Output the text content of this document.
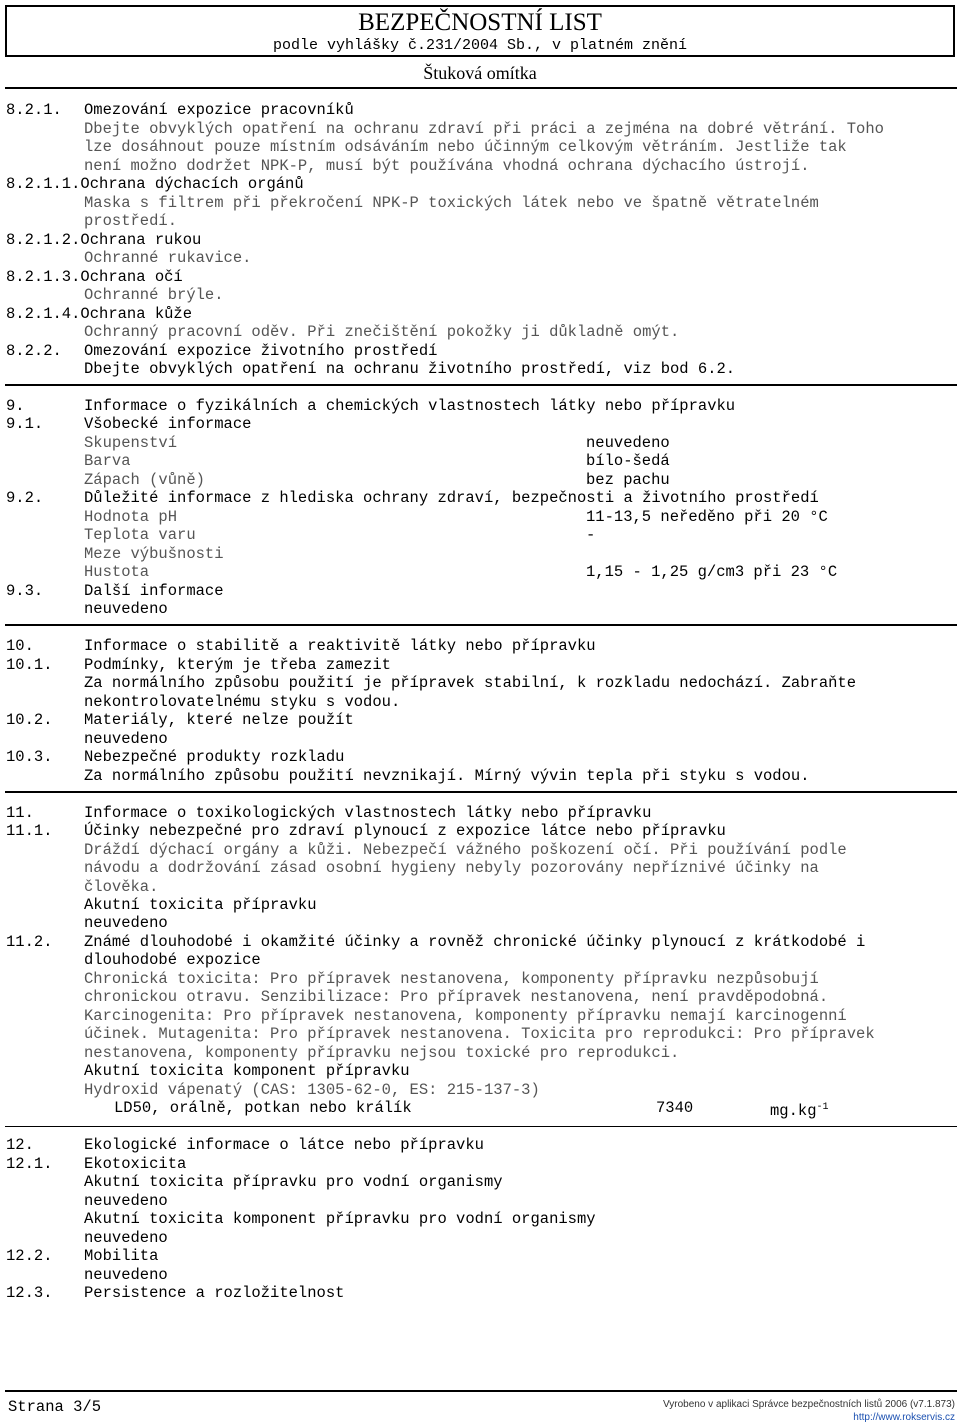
BEZPEČNOSTNÍ LIST
podle vyhlášky č.231/2004 Sb., v platném znění
Štuková omítka
8.2.1. Omezování expozice pracovníků
Dbejte obvyklých opatření na ochranu zdraví při práci a zejména na dobré větrání. Toho
lze dosáhnout pouze místním odsáváním nebo účinným celkovým větráním. Jestliže tak
není možno dodržet NPK-P, musí být používána vhodná ochrana dýchacího ústrojí.
8.2.1.1.Ochrana dýchacích orgánů
Maska s filtrem při překročení NPK-P toxických látek nebo ve špatně větratelném
prostředí.
8.2.1.2.Ochrana rukou
Ochranné rukavice.
8.2.1.3.Ochrana očí
Ochranné brýle.
8.2.1.4.Ochrana kůže
Ochranný pracovní oděv. Při znečištění pokožky ji důkladně omýt.
8.2.2. Omezování expozice životního prostředí
Dbejte obvyklých opatření na ochranu životního prostředí, viz bod 6.2.
9.	Informace o fyzikálních a chemických vlastnostech látky nebo přípravku
9.1.	Všobecké informace
Skupenství	neuvedeno
Barva	bílo-šedá
Zápach (vůně)	bez pachu
9.2.	Důležité informace z hlediska ochrany zdraví, bezpečnosti a životního prostředí
Hodnota pH	11-13,5 neředěno při 20 °C
Teplota varu	-
Meze výbušnosti
Hustota	1,15 - 1,25 g/cm3 při 23 °C
9.3.	Další informace
neuvedeno
10.	Informace o stabilitě a reaktivitě látky nebo přípravku
10.1. Podmínky, kterým je třeba zamezit
Za normálního způsobu použití je přípravek stabilní, k rozkladu nedochází. Zabraňte
nekontrolovatelnému styku s vodou.
10.2. Materiály, které nelze použít
neuvedeno
10.3. Nebezpečné produkty rozkladu
Za normálního způsobu použití nevznikají. Mírný vývin tepla při styku s vodou.
11.	Informace o toxikologických vlastnostech látky nebo přípravku
11.1. Účinky nebezpečné pro zdraví plynoucí z expozice látce nebo přípravku
Dráždí dýchací orgány a kůži. Nebezpečí vážného poškození očí. Při používání podle
návodu a dodržování zásad osobní hygieny nebyly pozorovány nepříznivé účinky na
člověka.
Akutní toxicita přípravku
neuvedeno
11.2. Známé dlouhodobé i okamžité účinky a rovněž chronické účinky plynoucí z krátkodobé i
dlouhodobé expozice
Chronická toxicita: Pro přípravek nestanovena, komponenty přípravku nezpůsobují
chronickou otravu. Senzibilizace: Pro přípravek nestanovena, není pravděpodobná.
Karcinogenita: Pro přípravek nestanovena, komponenty přípravku nemají karcinogenní
účinek. Mutagenita: Pro přípravek nestanovena. Toxicita pro reprodukci: Pro přípravek
nestanovena, komponenty přípravku nejsou toxické pro reprodukci.
Akutní toxicita komponent přípravku
Hydroxid vápenatý (CAS: 1305-62-0, ES: 215-137-3)
LD50, orálně, potkan nebo králík	7340	$mg.kg^{-1}$
12.	Ekologické informace o látce nebo přípravku
12.1. Ekotoxicita
Akutní toxicita přípravku pro vodní organismy
neuvedeno
Akutní toxicita komponent přípravku pro vodní organismy
neuvedeno
12.2. Mobilita
neuvedeno
12.3. Persistence a rozložitelnost
Strana 3/5	Vyrobeno v aplikaci Správce bezpečnostních listů 2006 (v7.1.873)
http://www.rokservis.cz
